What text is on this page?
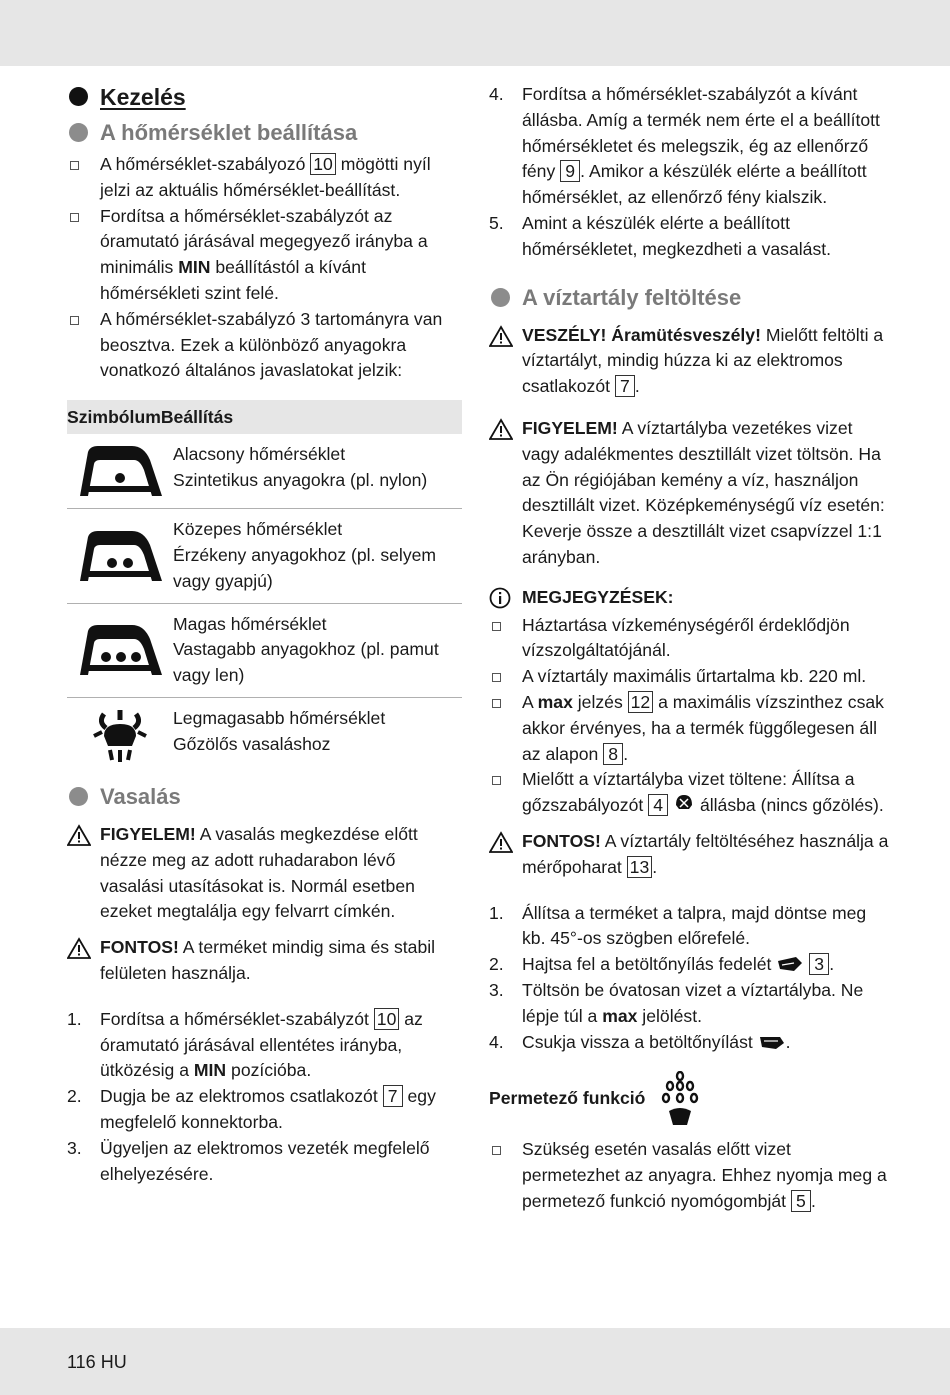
Kezelés
A hőmérséklet beállítása
A hőmérséklet-szabályozó 10 mögötti nyíl jelzi az aktuális hőmérséklet-beállítást.
Fordítsa a hőmérséklet-szabályzót az óramutató járásával megegyező irányba a minimális MIN beállítástól a kívánt hőmérsékleti szint felé.
A hőmérséklet-szabályzó 3 tartományra van beosztva. Ezek a különböző anyagokra vonatkozó általános javaslatokat jelzik:
SzimbólumBeállítás
Alacsony hőmérséklet
Szintetikus anyagokra (pl. nylon)
Közepes hőmérséklet
Érzékeny anyagokhoz (pl. selyem
vagy gyapjú)
Magas hőmérséklet
Vastagabb anyagokhoz (pl. pamut
vagy len)
Legmagasabb hőmérséklet
Gőzölős vasaláshoz
Vasalás
FIGYELEM! A vasalás megkezdése előtt nézze meg az adott ruhadarabon lévő vasalási utasításokat is. Normál esetben ezeket megtalálja egy felvarrt címkén.
FONTOS! A terméket mindig sima és stabil felületen használja.
1. Fordítsa a hőmérséklet-szabályzót 10 az óramutató járásával ellentétes irányba, ütközésig a MIN pozícióba.
2. Dugja be az elektromos csatlakozót 7 egy megfelelő konnektorba.
3. Ügyeljen az elektromos vezeték megfelelő elhelyezésére.
4. Fordítsa a hőmérséklet-szabályzót a kívánt állásba. Amíg a termék nem érte el a beállított hőmérsékletet és melegszik, ég az ellenőrző fény 9 . Amikor a készülék elérte a beállított hőmérséklet, az ellenőrző fény kialszik.
5. Amint a készülék elérte a beállított hőmérsékletet, megkezdheti a vasalást.
A víztartály feltöltése
VESZÉLY! Áramütésveszély! Mielőtt feltölti a víztartályt, mindig húzza ki az elektromos csatlakozót 7 .
FIGYELEM! A víztartályba vezetékes vizet vagy adalékmentes desztillált vizet töltsön. Ha az Ön régiójában kemény a víz, használjon desztillált vizet. Középkeménységű víz esetén: Keverje össze a desztillált vizet csapvízzel 1:1 arányban.
MEGJEGYZÉSEK:
Háztartása vízkeménységéről érdeklődjön vízszolgáltatójánál.
A víztartály maximális űrtartalma kb. 220 ml.
A max jelzés 12 a maximális vízszinthez csak akkor érvényes, ha a termék függőlegesen áll az alapon 8 .
Mielőtt a víztartályba vizet töltene: Állítsa a gőzszabályozót 4  állásba (nincs gőzölés).
FONTOS! A víztartály feltöltéséhez használja a mérőpoharat 13 .
1. Állítsa a terméket a talpra, majd döntse meg kb. 45°-os szögben előrefelé.
2. Hajtsa fel a betöltőnyílás fedelét  3 .
3. Töltsön be óvatosan vizet a víztartályba. Ne lépje túl a max jelölést.
4. Csukja vissza a betöltőnyílást .
Permetező funkció
Szükség esetén vasalás előtt vizet permetezhet az anyagra. Ehhez nyomja meg a permetező funkció nyomógombját 5 .
116 HU
